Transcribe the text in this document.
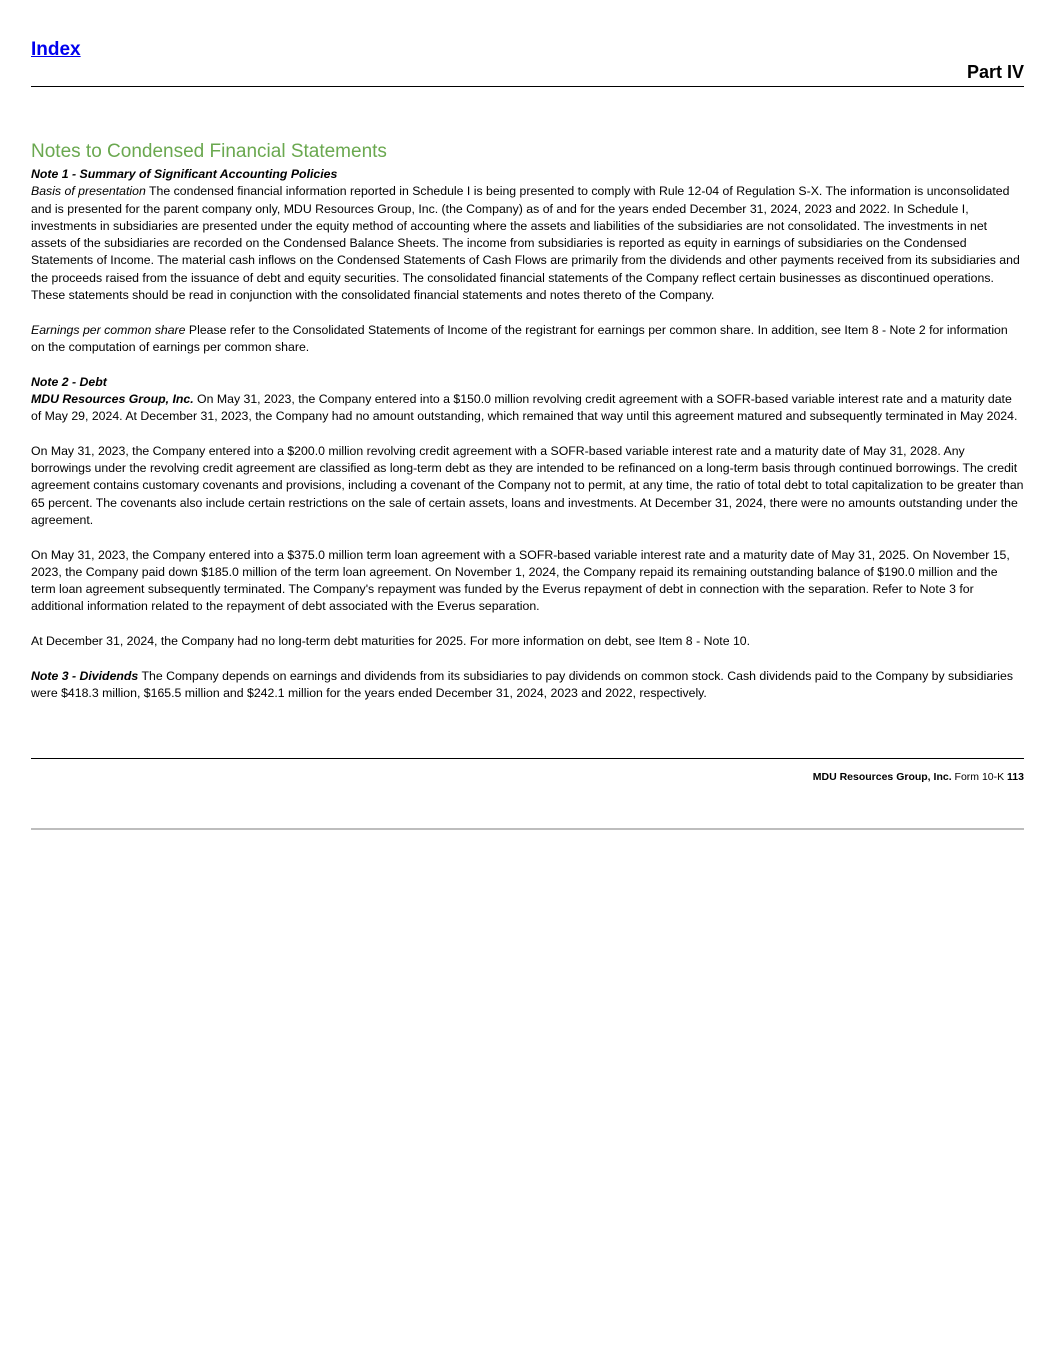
Index
Part IV
Notes to Condensed Financial Statements

Note 1 - Summary of Significant Accounting Policies

Basis of presentation The condensed financial information reported in Schedule I is being presented to comply with Rule 12-04 of Regulation S-X. The information is unconsolidated and is presented for the parent company only, MDU Resources Group, Inc. (the Company) as of and for the years ended December 31, 2024, 2023 and 2022. In Schedule I, investments in subsidiaries are presented under the equity method of accounting where the assets and liabilities of the subsidiaries are not consolidated. The investments in net assets of the subsidiaries are recorded on the Condensed Balance Sheets. The income from subsidiaries is reported as equity in earnings of subsidiaries on the Condensed Statements of Income. The material cash inflows on the Condensed Statements of Cash Flows are primarily from the dividends and other payments received from its subsidiaries and the proceeds raised from the issuance of debt and equity securities. The consolidated financial statements of the Company reflect certain businesses as discontinued operations. These statements should be read in conjunction with the consolidated financial statements and notes thereto of the Company.

Earnings per common share Please refer to the Consolidated Statements of Income of the registrant for earnings per common share. In addition, see Item 8 - Note 2 for information on the computation of earnings per common share.

Note 2 - Debt

MDU Resources Group, Inc. On May 31, 2023, the Company entered into a $150.0 million revolving credit agreement with a SOFR-based variable interest rate and a maturity date of May 29, 2024. At December 31, 2023, the Company had no amount outstanding, which remained that way until this agreement matured and subsequently terminated in May 2024.

On May 31, 2023, the Company entered into a $200.0 million revolving credit agreement with a SOFR-based variable interest rate and a maturity date of May 31, 2028. Any borrowings under the revolving credit agreement are classified as long-term debt as they are intended to be refinanced on a long-term basis through continued borrowings. The credit agreement contains customary covenants and provisions, including a covenant of the Company not to permit, at any time, the ratio of total debt to total capitalization to be greater than 65 percent. The covenants also include certain restrictions on the sale of certain assets, loans and investments. At December 31, 2024, there were no amounts outstanding under the agreement.

On May 31, 2023, the Company entered into a $375.0 million term loan agreement with a SOFR-based variable interest rate and a maturity date of May 31, 2025. On November 15, 2023, the Company paid down $185.0 million of the term loan agreement. On November 1, 2024, the Company repaid its remaining outstanding balance of $190.0 million and the term loan agreement subsequently terminated. The Company's repayment was funded by the Everus repayment of debt in connection with the separation. Refer to Note 3 for additional information related to the repayment of debt associated with the Everus separation.

At December 31, 2024, the Company had no long-term debt maturities for 2025. For more information on debt, see Item 8 - Note 10.

Note 3 - Dividends The Company depends on earnings and dividends from its subsidiaries to pay dividends on common stock. Cash dividends paid to the Company by subsidiaries were $418.3 million, $165.5 million and $242.1 million for the years ended December 31, 2024, 2023 and 2022, respectively.

MDU Resources Group, Inc. Form 10-K 113
